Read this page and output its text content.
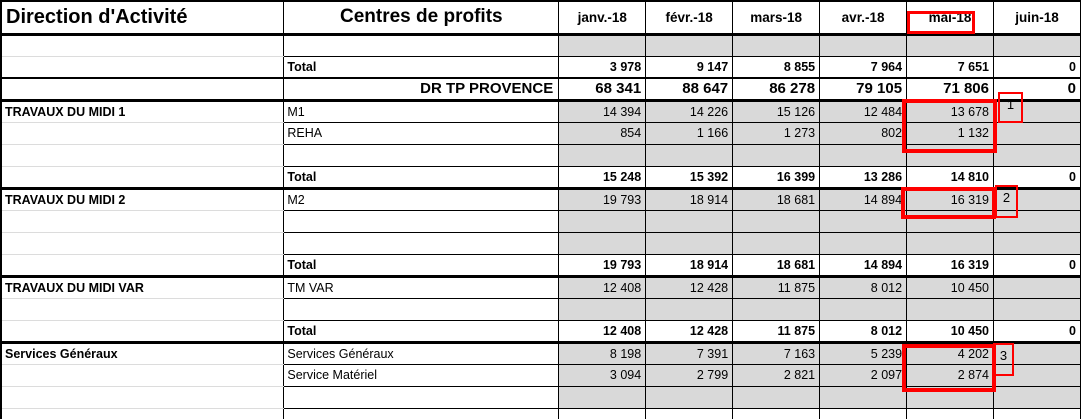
Direction d'Activité	Centres de profits	janv.-18	févr.-18	mars-18	avr.-18	mai-18	juin-18

	Total	3 978	9 147	8 855	7 964	7 651	0
	DR TP PROVENCE	68 341	88 647	86 278	79 105	71 806	0
TRAVAUX DU MIDI 1	M1	14 394	14 226	15 126	12 484	13 678	
	REHA	854	1 166	1 273	802	1 132	

	Total	15 248	15 392	16 399	13 286	14 810	0
TRAVAUX DU MIDI 2	M2	19 793	18 914	18 681	14 894	16 319	

	Total	19 793	18 914	18 681	14 894	16 319	0
TRAVAUX DU MIDI VAR	TM VAR	12 408	12 428	11 875	8 012	10 450	

	Total	12 408	12 428	11 875	8 012	10 450	0
Services Généraux	Services Généraux	8 198	7 391	7 163	5 239	4 202	
	Service Matériel	3 094	2 799	2 821	2 097	2 874	

1
2
3
